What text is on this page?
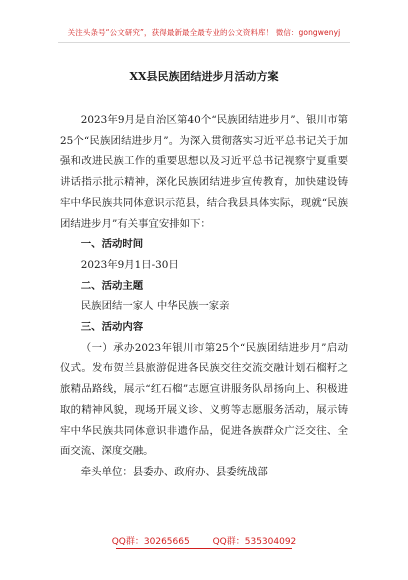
关注头条号“公文研究”，获得最新最全最专业的公文资料库！ 微信：gongwenyj
XX县民族团结进步月活动方案

2023年9月是自治区第40个“民族团结进步月”、银川市第25个“民族团结进步月”。为深入贯彻落实习近平总书记关于加强和改进民族工作的重要思想以及习近平总书记视察宁夏重要讲话指示批示精神，深化民族团结进步宣传教育，加快建设铸牢中华民族共同体意识示范县，结合我县具体实际，现就“民族团结进步月”有关事宜安排如下：

一、活动时间

2023年9月1日-30日

二、活动主题

民族团结一家人 中华民族一家亲

三、活动内容

（一）承办2023年银川市第25个“民族团结进步月”启动仪式。发布贺兰县旅游促进各民族交往交流交融计划石榴籽之旅精品路线，展示“红石榴”志愿宣讲服务队昂扬向上、积极进取的精神风貌，现场开展义诊、义剪等志愿服务活动，展示铸牢中华民族共同体意识非遗作品，促进各族群众广泛交往、全面交流、深度交融。

牵头单位：县委办、政府办、县委统战部

QQ群：30265665	QQ群：535304092
